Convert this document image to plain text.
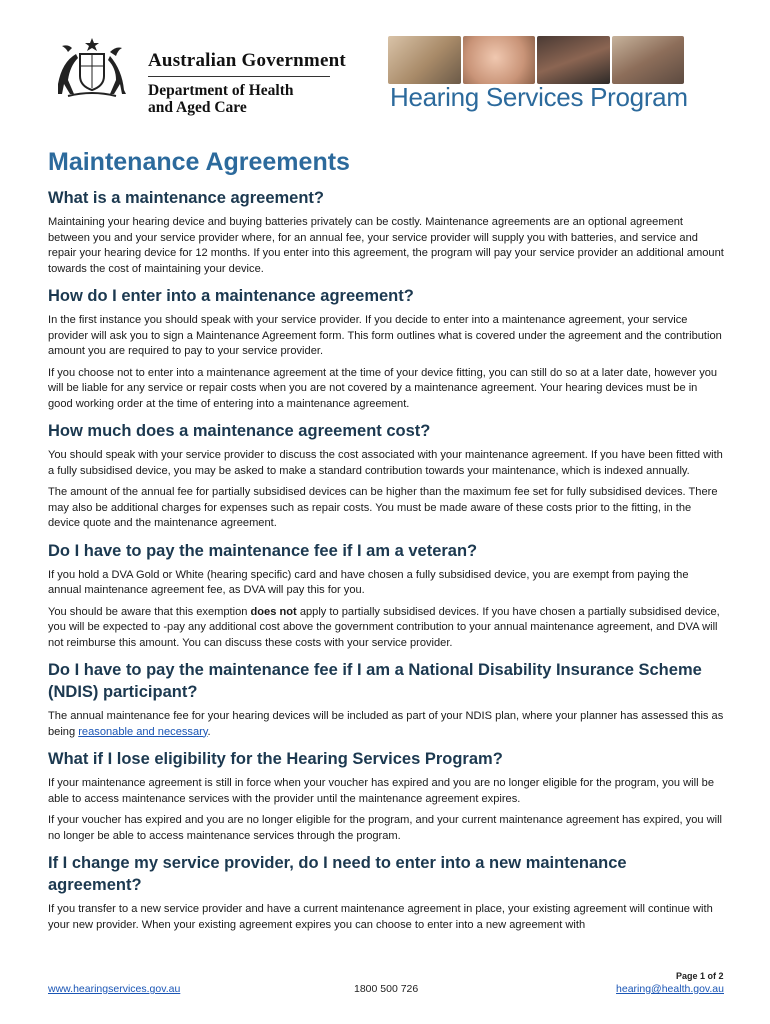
Australian Government
Department of Health
and Aged Care	Hearing Services Program
Maintenance Agreements
What is a maintenance agreement?

Maintaining your hearing device and buying batteries privately can be costly. Maintenance agreements are an optional agreement between you and your service provider where, for an annual fee, your service provider will supply you with batteries, and service and repair your hearing device for 12 months. If you enter into this agreement, the program will pay your service provider an additional amount towards the cost of maintaining your device.

How do I enter into a maintenance agreement?

In the first instance you should speak with your service provider. If you decide to enter into a maintenance agreement, your service provider will ask you to sign a Maintenance Agreement form. This form outlines what is covered under the agreement and the contribution amount you are required to pay to your service provider.

If you choose not to enter into a maintenance agreement at the time of your device fitting, you can still do so at a later date, however you will be liable for any service or repair costs when you are not covered by a maintenance agreement. Your hearing devices must be in good working order at the time of entering into a maintenance agreement.

How much does a maintenance agreement cost?

You should speak with your service provider to discuss the cost associated with your maintenance agreement. If you have been fitted with a fully subsidised device, you may be asked to make a standard contribution towards your maintenance, which is indexed annually.

The amount of the annual fee for partially subsidised devices can be higher than the maximum fee set for fully subsidised devices. There may also be additional charges for expenses such as repair costs. You must be made aware of these costs prior to the fitting, in the device quote and the maintenance agreement.

Do I have to pay the maintenance fee if I am a veteran?

If you hold a DVA Gold or White (hearing specific) card and have chosen a fully subsidised device, you are exempt from paying the annual maintenance agreement fee, as DVA will pay this for you.

You should be aware that this exemption does not apply to partially subsidised devices. If you have chosen a partially subsidised device, you will be expected to -pay any additional cost above the government contribution to your annual maintenance agreement, and DVA will not reimburse this amount. You can discuss these costs with your service provider.

Do I have to pay the maintenance fee if I am a National Disability Insurance Scheme (NDIS) participant?

The annual maintenance fee for your hearing devices will be included as part of your NDIS plan, where your planner has assessed this as being reasonable and necessary.

What if I lose eligibility for the Hearing Services Program?

If your maintenance agreement is still in force when your voucher has expired and you are no longer eligible for the program, you will be able to access maintenance services with the provider until the maintenance agreement expires.

If your voucher has expired and you are no longer eligible for the program, and your current maintenance agreement has expired, you will no longer be able to access maintenance services through the program.

If I change my service provider, do I need to enter into a new maintenance agreement?

If you transfer to a new service provider and have a current maintenance agreement in place, your existing agreement will continue with your new provider. When your existing agreement expires you can choose to enter into a new agreement with

Page 1 of 2
www.hearingservices.gov.au	1800 500 726	hearing@health.gov.au
